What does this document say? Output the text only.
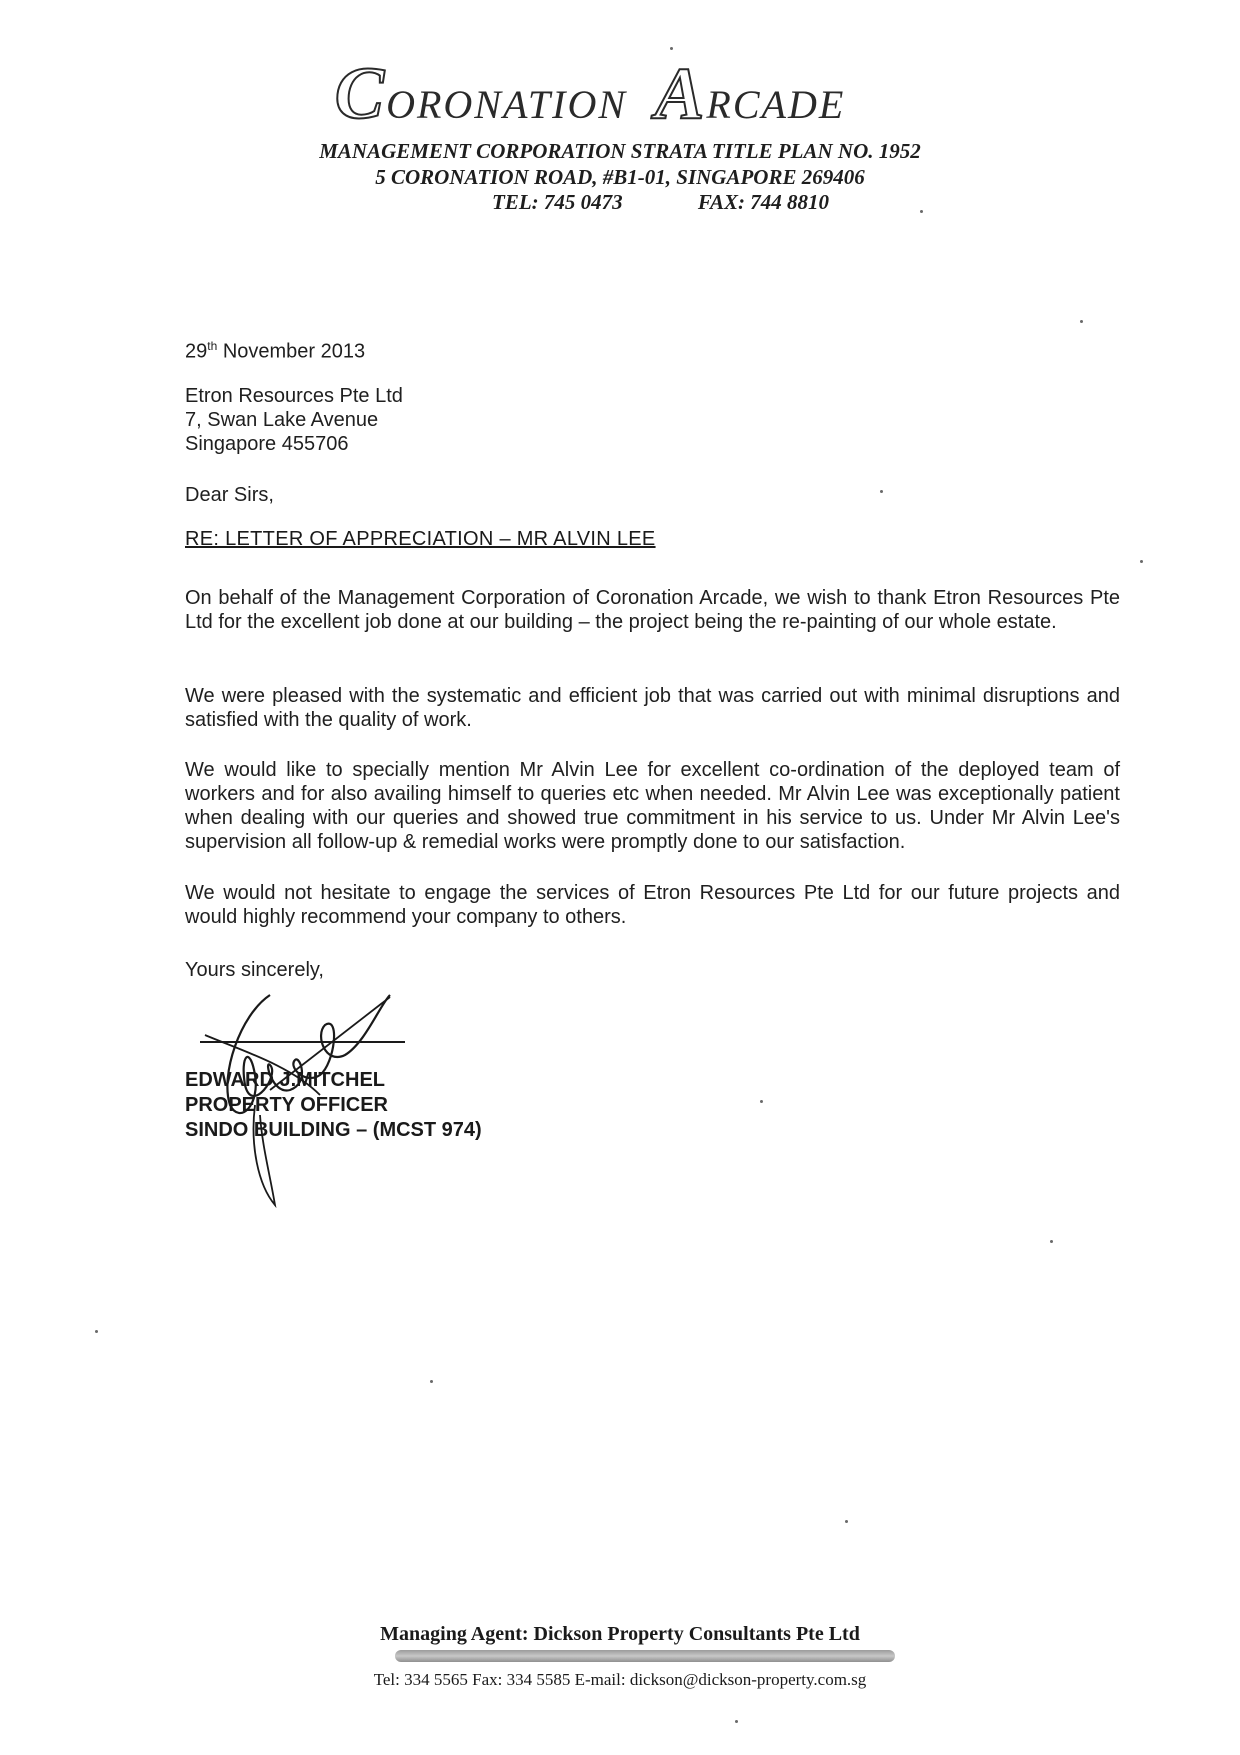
CORONATION ARCADE
MANAGEMENT CORPORATION STRATA TITLE PLAN NO. 1952
5 CORONATION ROAD, #B1-01, SINGAPORE 269406
TEL: 745 0473	FAX: 744 8810
29th November 2013
Etron Resources Pte Ltd
7, Swan Lake Avenue
Singapore 455706
Dear Sirs,
RE: LETTER OF APPRECIATION – MR ALVIN LEE
On behalf of the Management Corporation of Coronation Arcade, we wish to thank Etron Resources Pte Ltd for the excellent job done at our building – the project being the re-painting of our whole estate.
We were pleased with the systematic and efficient job that was carried out with minimal disruptions and satisfied with the quality of work.
We would like to specially mention Mr Alvin Lee for excellent co-ordination of the deployed team of workers and for also availing himself to queries etc when needed. Mr Alvin Lee was exceptionally patient when dealing with our queries and showed true commitment in his service to us. Under Mr Alvin Lee's supervision all follow-up & remedial works were promptly done to our satisfaction.
We would not hesitate to engage the services of Etron Resources Pte Ltd for our future projects and would highly recommend your company to others.
Yours sincerely,
EDWARD J.MITCHEL
PROPERTY OFFICER
SINDO BUILDING – (MCST 974)
Managing Agent: Dickson Property Consultants Pte Ltd
Tel: 334 5565 Fax: 334 5585 E-mail: dickson@dickson-property.com.sg
